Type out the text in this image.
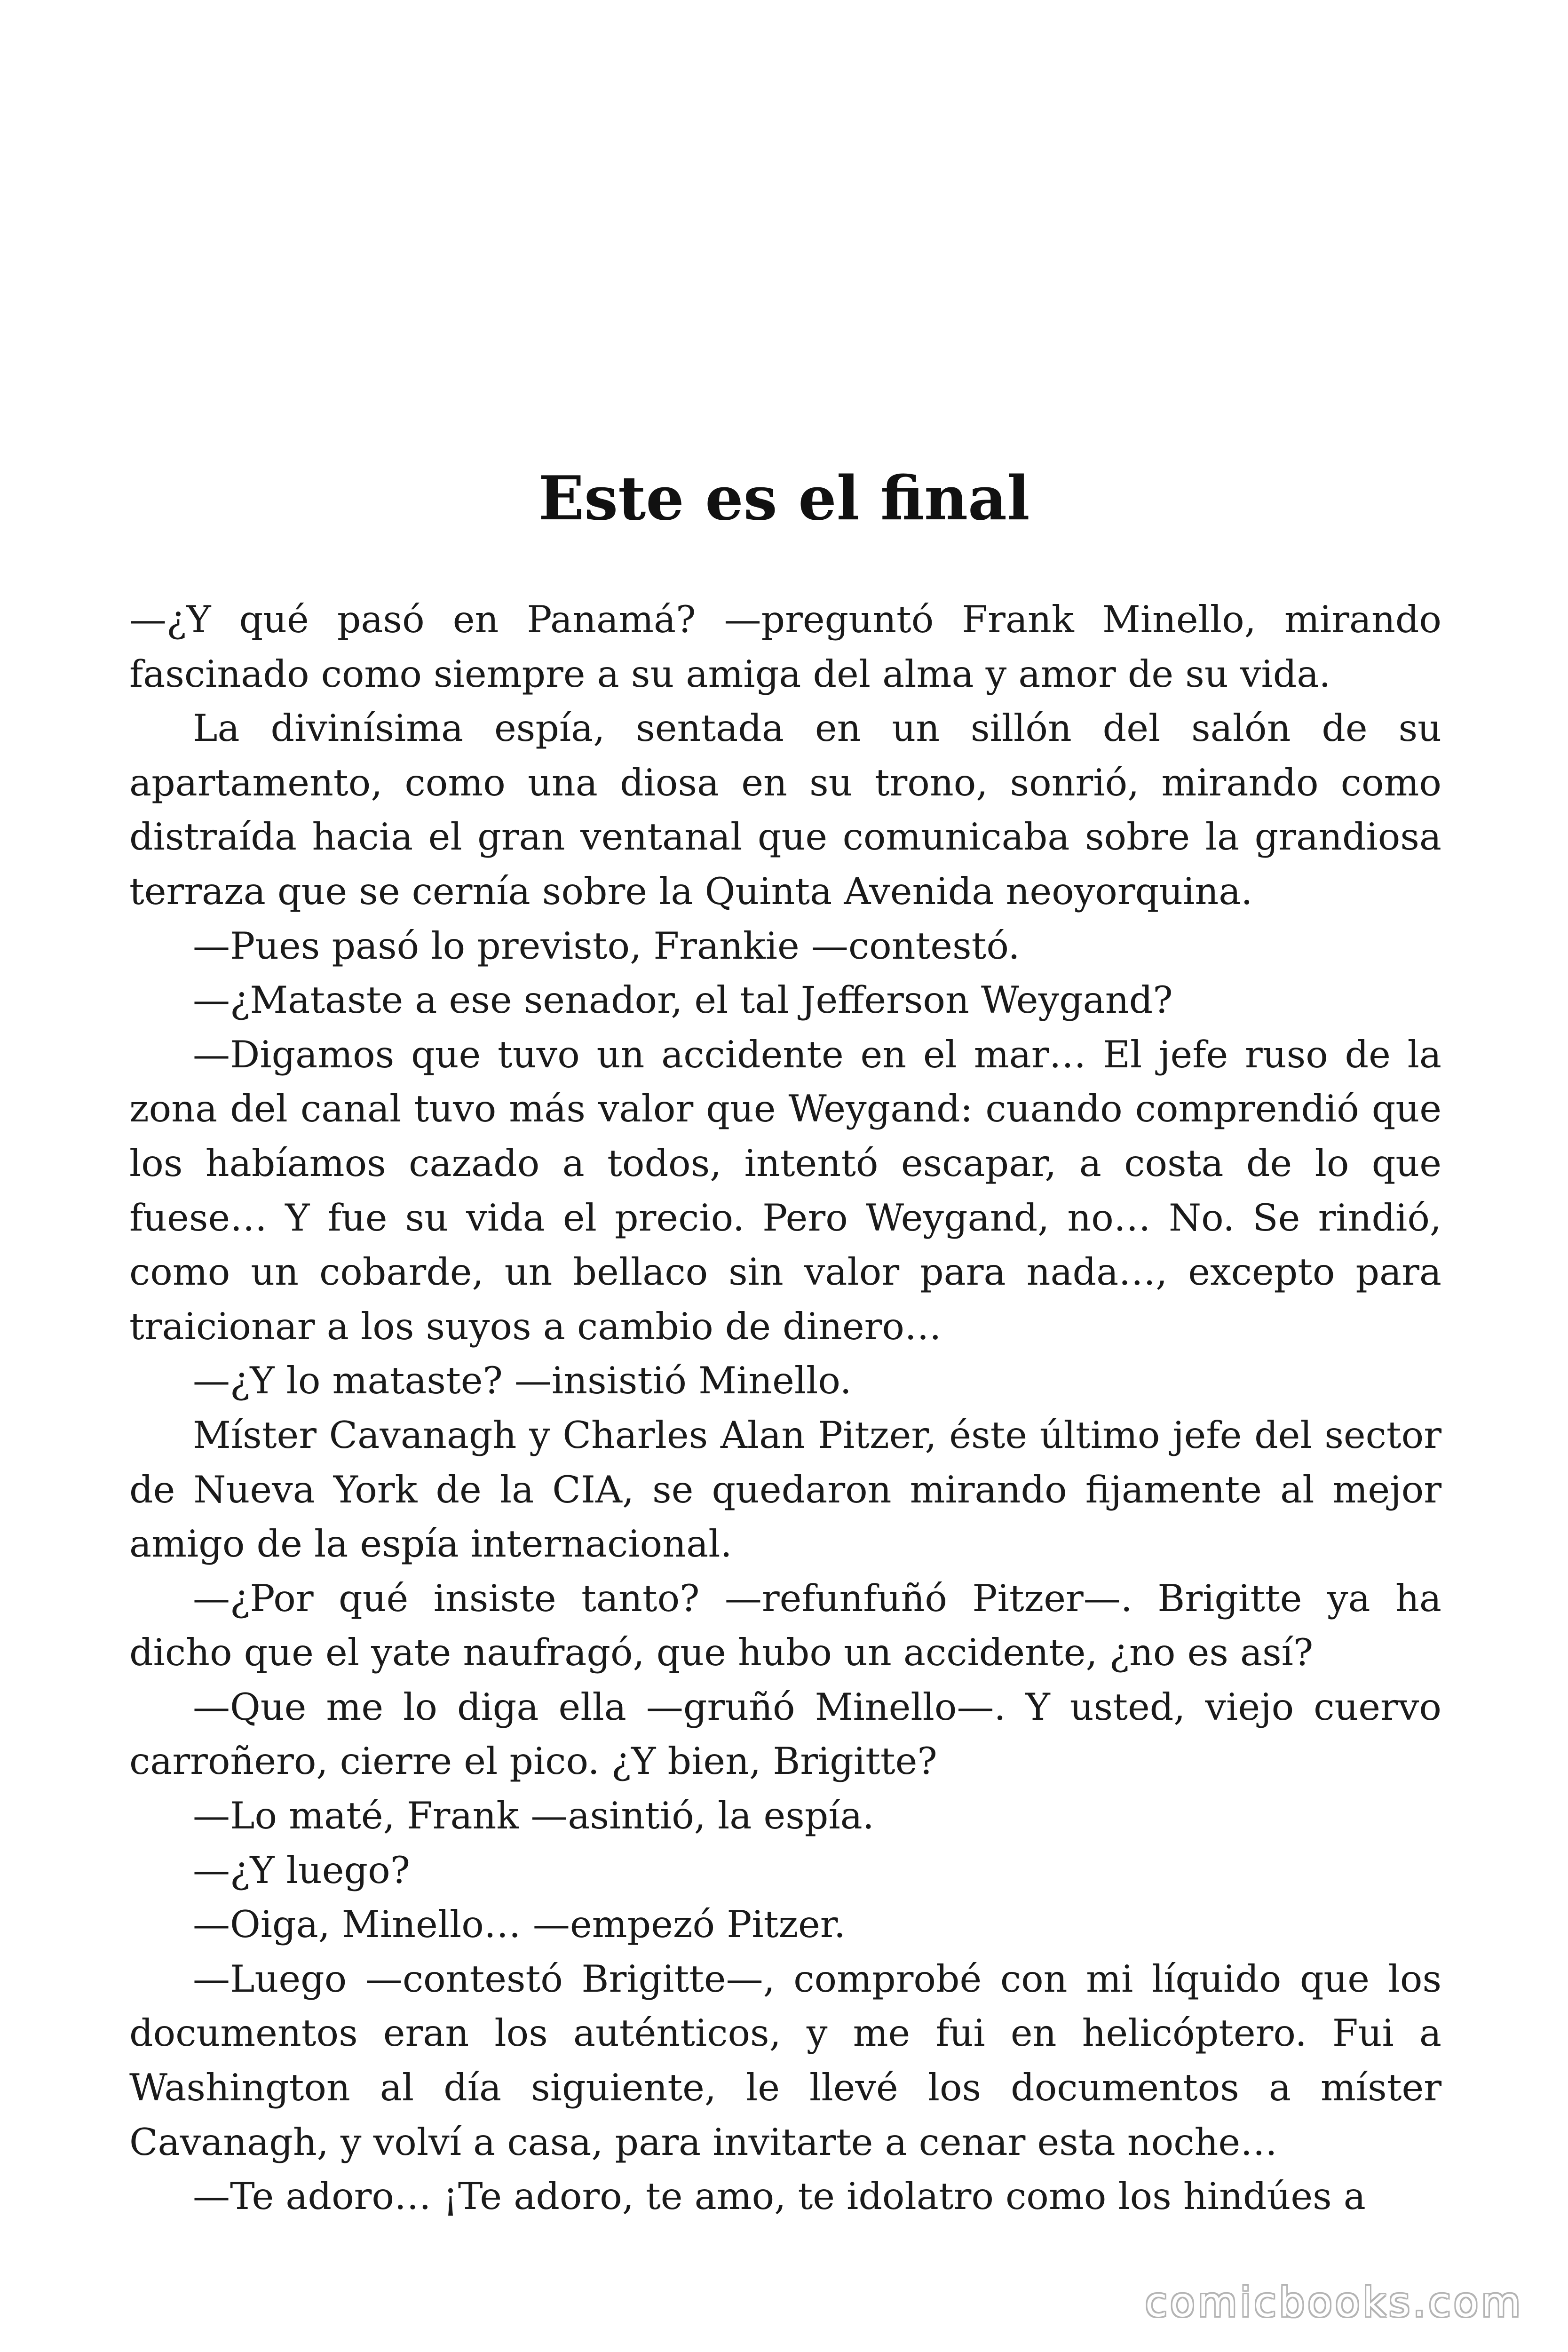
Este es el final

—¿Y qué pasó en Panamá? —preguntó Frank Minello, mirando fascinado como siempre a su amiga del alma y amor de su vida.

La divinísima espía, sentada en un sillón del salón de su apartamento, como una diosa en su trono, sonrió, mirando como distraída hacia el gran ventanal que comunicaba sobre la grandiosa terraza que se cernía sobre la Quinta Avenida neoyorquina.

—Pues pasó lo previsto, Frankie —contestó.

—¿Mataste a ese senador, el tal Jefferson Weygand?

—Digamos que tuvo un accidente en el mar… El jefe ruso de la zona del canal tuvo más valor que Weygand: cuando comprendió que los habíamos cazado a todos, intentó escapar, a costa de lo que fuese… Y fue su vida el precio. Pero Weygand, no… No. Se rindió, como un cobarde, un bellaco sin valor para nada…, excepto para traicionar a los suyos a cambio de dinero…

—¿Y lo mataste? —insistió Minello.

Míster Cavanagh y Charles Alan Pitzer, éste último jefe del sector de Nueva York de la CIA, se quedaron mirando fijamente al mejor amigo de la espía internacional.

—¿Por qué insiste tanto? —refunfuñó Pitzer—. Brigitte ya ha dicho que el yate naufragó, que hubo un accidente, ¿no es así?

—Que me lo diga ella —gruñó Minello—. Y usted, viejo cuervo carroñero, cierre el pico. ¿Y bien, Brigitte?

—Lo maté, Frank —asintió, la espía.

—¿Y luego?

—Oiga, Minello… —empezó Pitzer.

—Luego —contestó Brigitte—, comprobé con mi líquido que los documentos eran los auténticos, y me fui en helicóptero. Fui a Washington al día siguiente, le llevé los documentos a míster Cavanagh, y volví a casa, para invitarte a cenar esta noche…

—Te adoro… ¡Te adoro, te amo, te idolatro como los hindúes a

comicbooks.com
